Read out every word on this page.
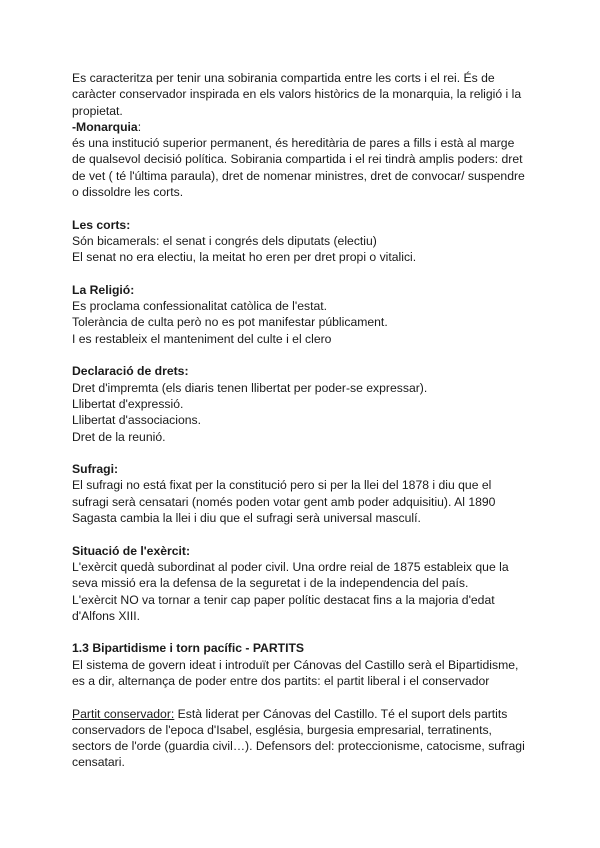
Es caracteritza per tenir una sobirania compartida entre les corts i el rei. És de
caràcter conservador inspirada en els valors històrics de la monarquia, la religió i la
propietat.
-Monarquia:
és una institució superior permanent, és hereditària de pares a fills i està al marge
de qualsevol decisió política. Sobirania compartida i el rei tindrà amplis poders: dret
de vet ( té l'última paraula), dret de nomenar ministres, dret de convocar/ suspendre
o dissoldre les corts.
Les corts:
Són bicamerals: el senat i congrés dels diputats (electiu)
El senat no era electiu, la meitat ho eren per dret propi o vitalici.
La Religió:
Es proclama confessionalitat catòlica de l'estat.
Tolerància de culta però no es pot manifestar públicament.
I es restableix el manteniment del culte i el clero
Declaració de drets:
Dret d'impremta (els diaris tenen llibertat per poder-se expressar).
Llibertat d'expressió.
Llibertat d'associacions.
Dret de la reunió.
Sufragi:
El sufragi no está fixat per la constitució pero si per la llei del 1878 i diu que el
sufragi serà censatari (només poden votar gent amb poder adquisitiu). Al 1890
Sagasta cambia la llei i diu que el sufragi serà universal masculí.
Situació de l'exèrcit:
L'exèrcit quedà subordinat al poder civil. Una ordre reial de 1875 estableix que la
seva missió era la defensa de la seguretat i de la independencia del país.
L'exèrcit NO va tornar a tenir cap paper polític destacat fins a la majoria d'edat
d'Alfons XIII.
1.3 Bipartidisme i torn pacífic - PARTITS
El sistema de govern ideat i introduït per Cánovas del Castillo serà el Bipartidisme,
es a dir, alternança de poder entre dos partits: el partit liberal i el conservador
Partit conservador: Està liderat per Cánovas del Castillo. Té el suport dels partits
conservadors de l'epoca d'Isabel, església, burgesia empresarial, terratinents,
sectors de l'orde (guardia civil…). Defensors del: proteccionisme, catocisme, sufragi
censatari.
